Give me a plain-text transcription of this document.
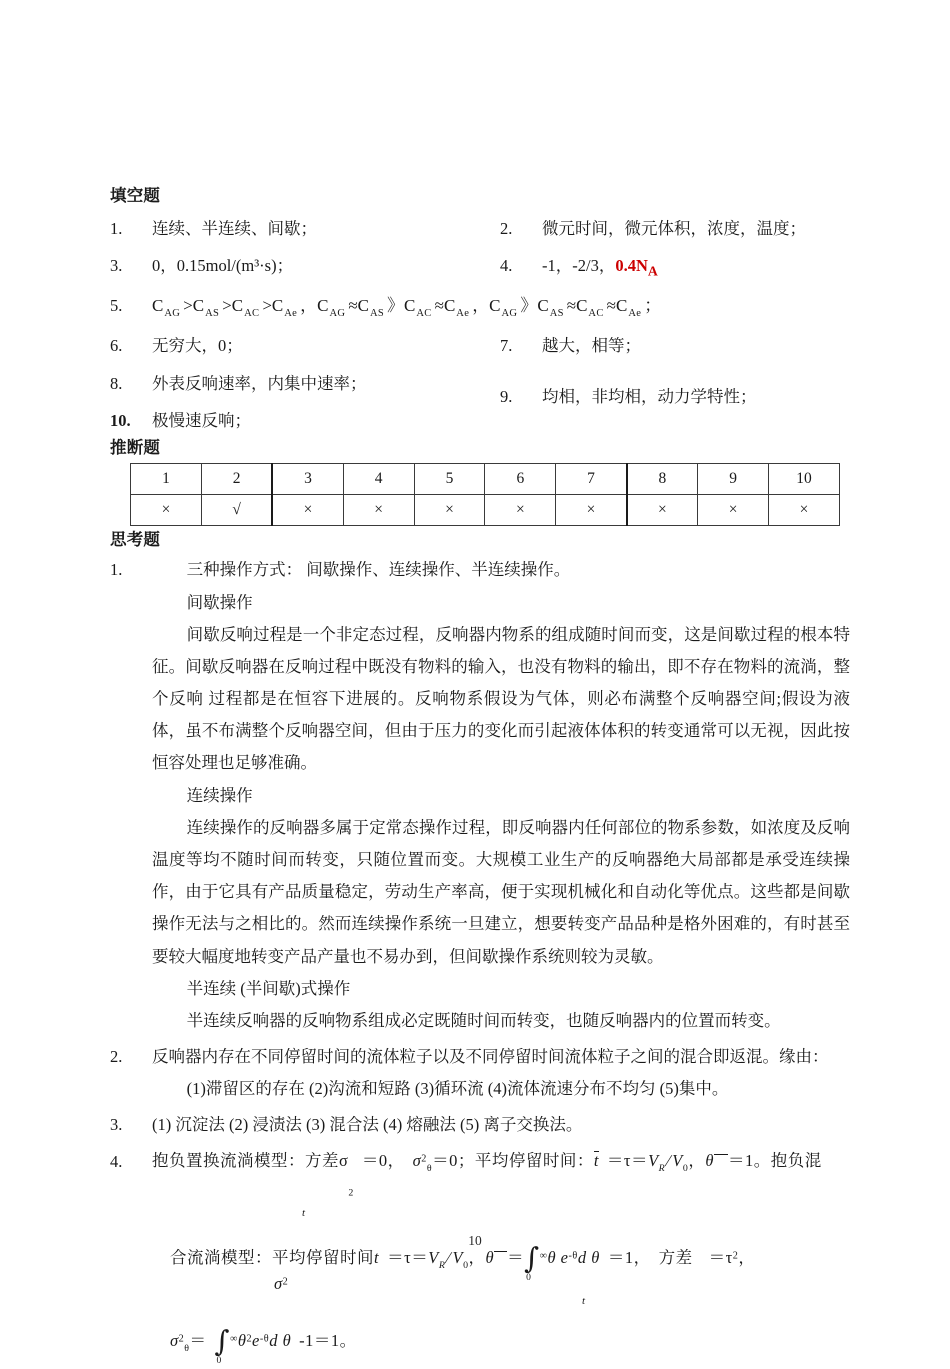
填空题
1.	连续、半连续、间歇；	2.	微元时间，微元体积，浓度，温度；
3.	0，0.15mol/(m³·s)；	4.	-1，-2/3，$0.4N_A$
5.	$C_{AG} >C_{AS} >C_{AC} >C_{Ae}$ ，$C_{AG} \approx C_{AS}$ 》$C_{AC} \approx C_{Ae}$ ，$C_{AG}$ 》$C_{AS} \approx C_{AC} \approx C_{Ae}$ ；
6.	无穷大，0；	7.	越大，相等；
8.	外表反响速率，内集中速率；
9.	均相，非均相，动力学特性；
10.	极慢速反响；
推断题
1	2	3	4	5	6	7	8	9	10
×	√	×	×	×	×	×	×	×	×
思考题
1.	三种操作方式： 间歇操作、连续操作、半连续操作。
间歇操作
间歇反响过程是一个非定态过程，反响器内物系的组成随时间而变，这是间歇过程的根本特征。间歇反响器在反响过程中既没有物料的输入，也没有物料的输出，即不存在物料的流淌，整个反响 过程都是在恒容下进展的。反响物系假设为气体，则必布满整个反响器空间;假设为液体，虽不布满整个反响器空间，但由于压力的变化而引起液体体积的转变通常可以无视，因此按恒容处理也足够准确。
连续操作
连续操作的反响器多属于定常态操作过程，即反响器内任何部位的物系参数，如浓度及反响温度等均不随时间而转变，只随位置而变。大规模工业生产的反响器绝大局部都是承受连续操作，由于它具有产品质量稳定，劳动生产率高，便于实现机械化和自动化等优点。这些都是间歇操作无法与之相比的。然而连续操作系统一旦建立，想要转变产品品种是格外困难的，有时甚至要较大幅度地转变产品产量也不易办到，但间歇操作系统则较为灵敏。
半连续 (半间歇)式操作
半连续反响器的反响物系组成必定既随时间而转变，也随反响器内的位置而转变。
2.	反响器内存在不同停留时间的流体粒子以及不同停留时间流体粒子之间的混合即返混。缘由：
(1)滞留区的存在 (2)沟流和短路 (3)循环流 (4)流体流速分布不均匀 (5)集中。
3.	(1) 沉淀法 (2) 浸渍法 (3) 混合法 (4) 熔融法 (5) 离子交换法。
4.	抱负置换流淌模型：方差$\sigma_2=0$， $\sigma^2_\theta=0$；平均停留时间：$t =\tau=V_R/V_0$，θ ＝1。抱负混
t
合流淌模型：平均停留时间$t =\tau=V_R/V_0$，θ ＝∫∞
0
θ $e^{-\theta}d$ θ ＝1， 方差 $=\tau^2$，
$\sigma^2$
t
$\sigma^2_\theta= \int^\infty$
0
$\theta^2e^{-\theta}d$ θ -1＝1。
10
